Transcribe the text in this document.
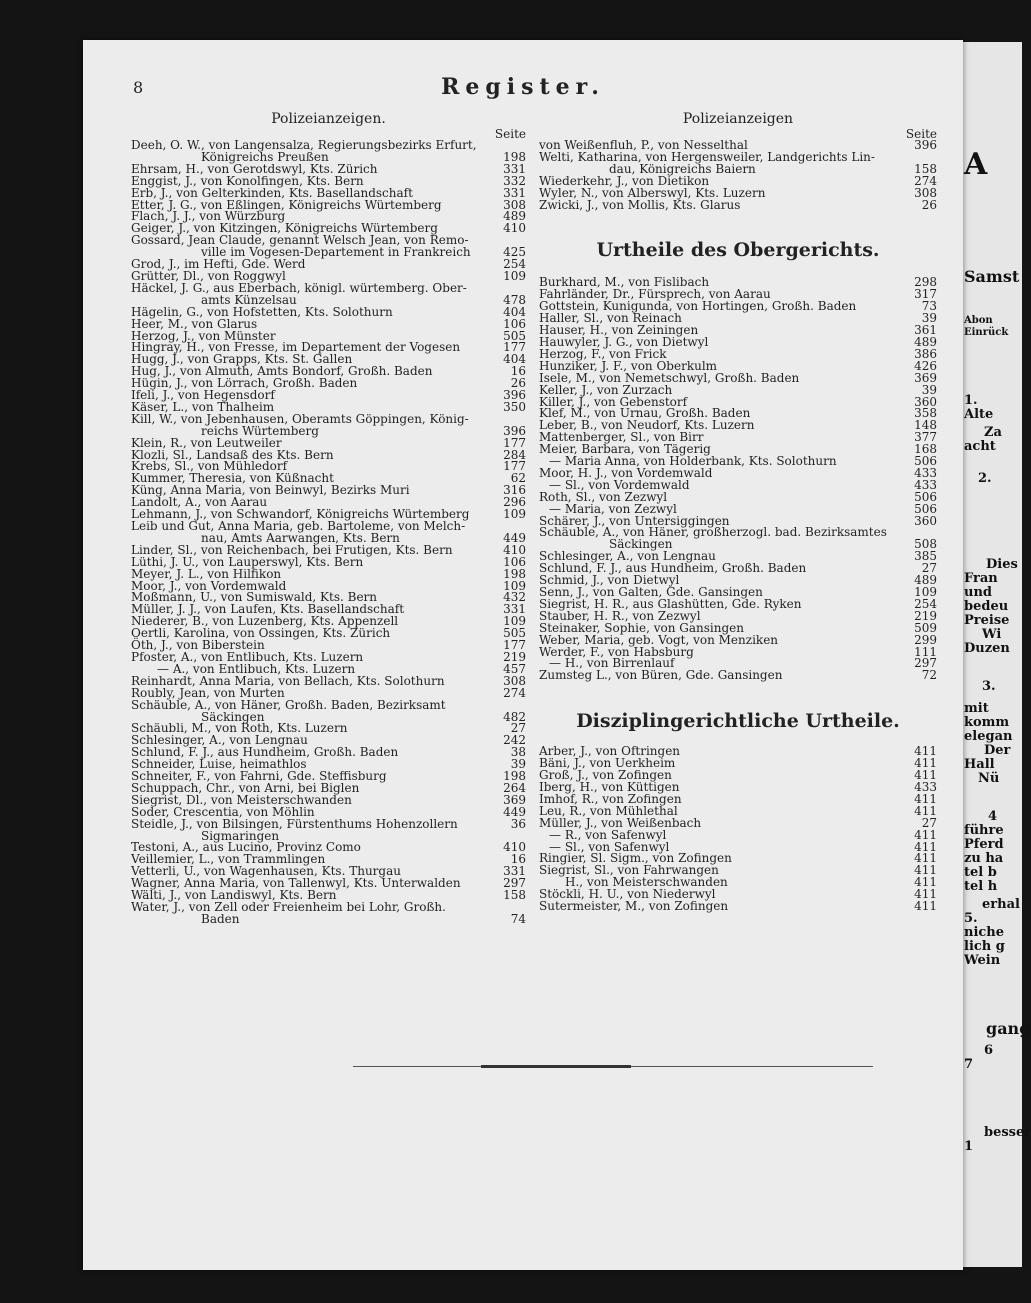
A
Samst
Abon
Einrück
1.
Alte
Za
acht
2.
Dies
Fran
und
bedeu
Preise
Wi
Duzen
3.
mit
komm
elegan
Der
Hall
Nü
4
führe
Pferd
zu ha
tel b
tel h
erhal
5.
niche
lich g
Wein
gang
6
7
besser
1
8	Register.
Polizeianzeigen.
Seite
Deeh, O. W., von Langensalza, Regierungsbezirks Erfurt,
Königreichs Preußen	198
Ehrsam, H., von Gerotdswyl, Kts. Zürich	331
Enggist, J., von Konolfingen, Kts. Bern	332
Erb, J., von Gelterkinden, Kts. Basellandschaft	331
Etter, J. G., von Eßlingen, Königreichs Würtemberg	308
Flach, J. J., von Würzburg	489
Geiger, J., von Kitzingen, Königreichs Würtemberg	410
Gossard, Jean Claude, genannt Welsch Jean, von Remo-
ville im Vogesen-Departement in Frankreich	425
Grod, J., im Hefti, Gde. Werd	254
Grütter, Dl., von Roggwyl	109
Häckel, J. G., aus Eberbach, königl. würtemberg. Ober-
amts Künzelsau	478
Hägelin, G., von Hofstetten, Kts. Solothurn	404
Heer, M., von Glarus	106
Herzog, J., von Münster	505
Hingray, H., von Fresse, im Departement der Vogesen	177
Hugg, J., von Grapps, Kts. St. Gallen	404
Hug, J., von Almuth, Amts Bondorf, Großh. Baden	16
Hügin, J., von Lörrach, Großh. Baden	26
Ifeli, J., von Hegensdorf	396
Käser, L., von Thalheim	350
Kill, W., von Jebenhausen, Oberamts Göppingen, König-
reichs Würtemberg	396
Klein, R., von Leutweiler	177
Klozli, Sl., Landsaß des Kts. Bern	284
Krebs, Sl., von Mühledorf	177
Kummer, Theresia, von Küßnacht	62
Küng, Anna Maria, von Beinwyl, Bezirks Muri	316
Landolt, A., von Aarau	296
Lehmann, J., von Schwandorf, Königreichs Würtemberg	109
Leib und Gut, Anna Maria, geb. Bartoleme, von Melch-
nau, Amts Aarwangen, Kts. Bern	449
Linder, Sl., von Reichenbach, bei Frutigen, Kts. Bern	410
Lüthi, J. U., von Lauperswyl, Kts. Bern	106
Meyer, J. L., von Hilfikon	198
Moor, J., von Vordemwald	109
Moßmann, U., von Sumiswald, Kts. Bern	432
Müller, J. J., von Laufen, Kts. Basellandschaft	331
Niederer, B., von Luzenberg, Kts. Appenzell	109
Oertli, Karolina, von Ossingen, Kts. Zürich	505
Öth, J., von Biberstein	177
Pfoster, A., von Entlibuch, Kts. Luzern	219
— A., von Entlibuch, Kts. Luzern	457
Reinhardt, Anna Maria, von Bellach, Kts. Solothurn	308
Roubly, Jean, von Murten	274
Schäuble, A., von Häner, Großh. Baden, Bezirksamt
Säckingen	482
Schäubli, M., von Roth, Kts. Luzern	27
Schlesinger, A., von Lengnau	242
Schlund, F. J., aus Hundheim, Großh. Baden	38
Schneider, Luise, heimathlos	39
Schneiter, F., von Fahrni, Gde. Steffisburg	198
Schuppach, Chr., von Arni, bei Biglen	264
Siegrist, Dl., von Meisterschwanden	369
Soder, Crescentia, von Möhlin	449
Steidle, J., von Bilsingen, Fürstenthums Hohenzollern	36
Sigmaringen
Testoni, A., aus Lucino, Provinz Como	410
Veillemier, L., von Trammlingen	16
Vetterli, U., von Wagenhausen, Kts. Thurgau	331
Wagner, Anna Maria, von Tallenwyl, Kts. Unterwalden	297
Wälti, J., von Landiswyl, Kts. Bern	158
Water, J., von Zell oder Freienheim bei Lohr, Großh.
Baden	74
Polizeianzeigen
Seite
von Weißenfluh, P., von Nesselthal	396
Welti, Katharina, von Hergensweiler, Landgerichts Lin-
dau, Königreichs Baiern	158
Wiederkehr, J., von Dietikon	274
Wyler, N., von Alberswyl, Kts. Luzern	308
Zwicki, J., von Mollis, Kts. Glarus	26
Urtheile des Obergerichts.
Burkhard, M., von Fislibach	298
Fahrländer, Dr., Fürsprech, von Aarau	317
Gottstein, Kunigunda, von Hortingen, Großh. Baden	73
Haller, Sl., von Reinach	39
Hauser, H., von Zeiningen	361
Hauwyler, J. G., von Dietwyl	489
Herzog, F., von Frick	386
Hunziker, J. F., von Oberkulm	426
Isele, M., von Nemetschwyl, Großh. Baden	369
Keller, J., von Zurzach	39
Killer, J., von Gebenstorf	360
Klef, M., von Urnau, Großh. Baden	358
Leber, B., von Neudorf, Kts. Luzern	148
Mattenberger, Sl., von Birr	377
Meier, Barbara, von Tägerig	168
— Maria Anna, von Holderbank, Kts. Solothurn	506
Moor, H. J., von Vordemwald	433
— Sl., von Vordemwald	433
Roth, Sl., von Zezwyl	506
— Maria, von Zezwyl	506
Schärer, J., von Untersiggingen	360
Schäuble, A., von Häner, großherzogl. bad. Bezirksamtes
Säckingen	508
Schlesinger, A., von Lengnau	385
Schlund, F. J., aus Hundheim, Großh. Baden	27
Schmid, J., von Dietwyl	489
Senn, J., von Galten, Gde. Gansingen	109
Siegrist, H. R., aus Glashütten, Gde. Ryken	254
Stauber, H. R., von Zezwyl	219
Steinaker, Sophie, von Gansingen	509
Weber, Maria, geb. Vogt, von Menziken	299
Werder, F., von Habsburg	111
— H., von Birrenlauf	297
Zumsteg L., von Büren, Gde. Gansingen	72
Disziplingerichtliche Urtheile.
Arber, J., von Oftringen	411
Bäni, J., von Uerkheim	411
Groß, J., von Zofingen	411
Iberg, H., von Küttigen	433
Imhof, R., von Zofingen	411
Leu, R., von Mühlethal	411
Müller, J., von Weißenbach	27
— R., von Safenwyl	411
— Sl., von Safenwyl	411
Ringier, Sl. Sigm., von Zofingen	411
Siegrist, Sl., von Fahrwangen	411
H., von Meisterschwanden	411
Stöckli, H. U., von Niederwyl	411
Sutermeister, M., von Zofingen	411
